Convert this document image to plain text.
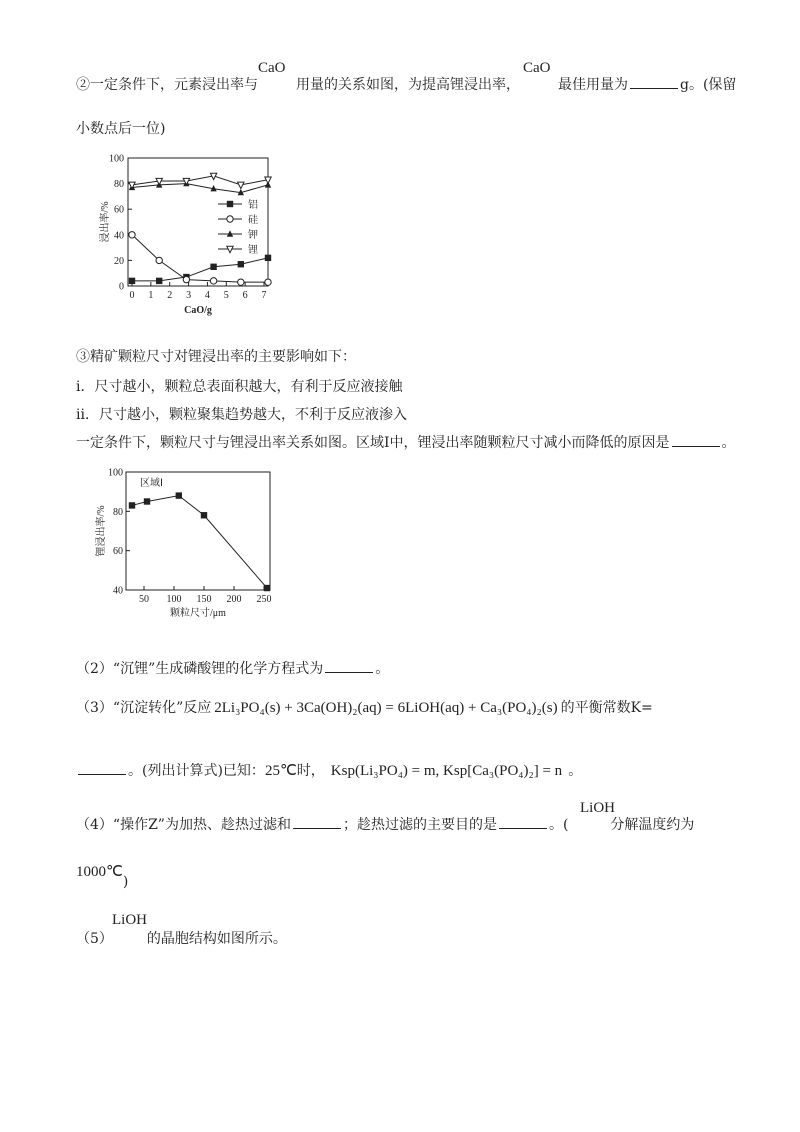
②一定条件下，元素浸出率与	用量的关系如图，为提高锂浸出率，	最佳用量为	g。(保留
CaO	CaO
小数点后一位)
0
20
40
60
80
100
0 1 2 3 4 5 6 7
CaO/g
浸出率/%	铝
硅
钾
锂
③精矿颗粒尺寸对锂浸出率的主要影响如下：
i．尺寸越小，颗粒总表面积越大，有利于反应液接触
ii．尺寸越小，颗粒聚集趋势越大，不利于反应液渗入
一定条件下，颗粒尺寸与锂浸出率关系如图。区域Ⅰ中，锂浸出率随颗粒尺寸减小而降低的原因是	。
40
60
80
100
50 100 150 200 250
颗粒尺寸/μm
锂浸出率/%
区域Ⅰ
（2）“沉锂”生成磷酸锂的化学方程式为	。
（3）“沉淀转化”反应 2Li₃PO₄(s) + 3Ca(OH)₂(aq) = 6LiOH(aq) + Ca₃(PO₄)₂(s) 的平衡常数K=
。(列出计算式)已知：25℃时， Ksp(Li₃PO₄) = m, Ksp[Ca₃(PO₄)₂] = n 。
（4）“操作Z”为加热、趁热过滤和	；趁热过滤的主要目的是	。(	分解温度约为
LiOH
1000℃)
（5） 的晶胞结构如图所示。
LiOH
